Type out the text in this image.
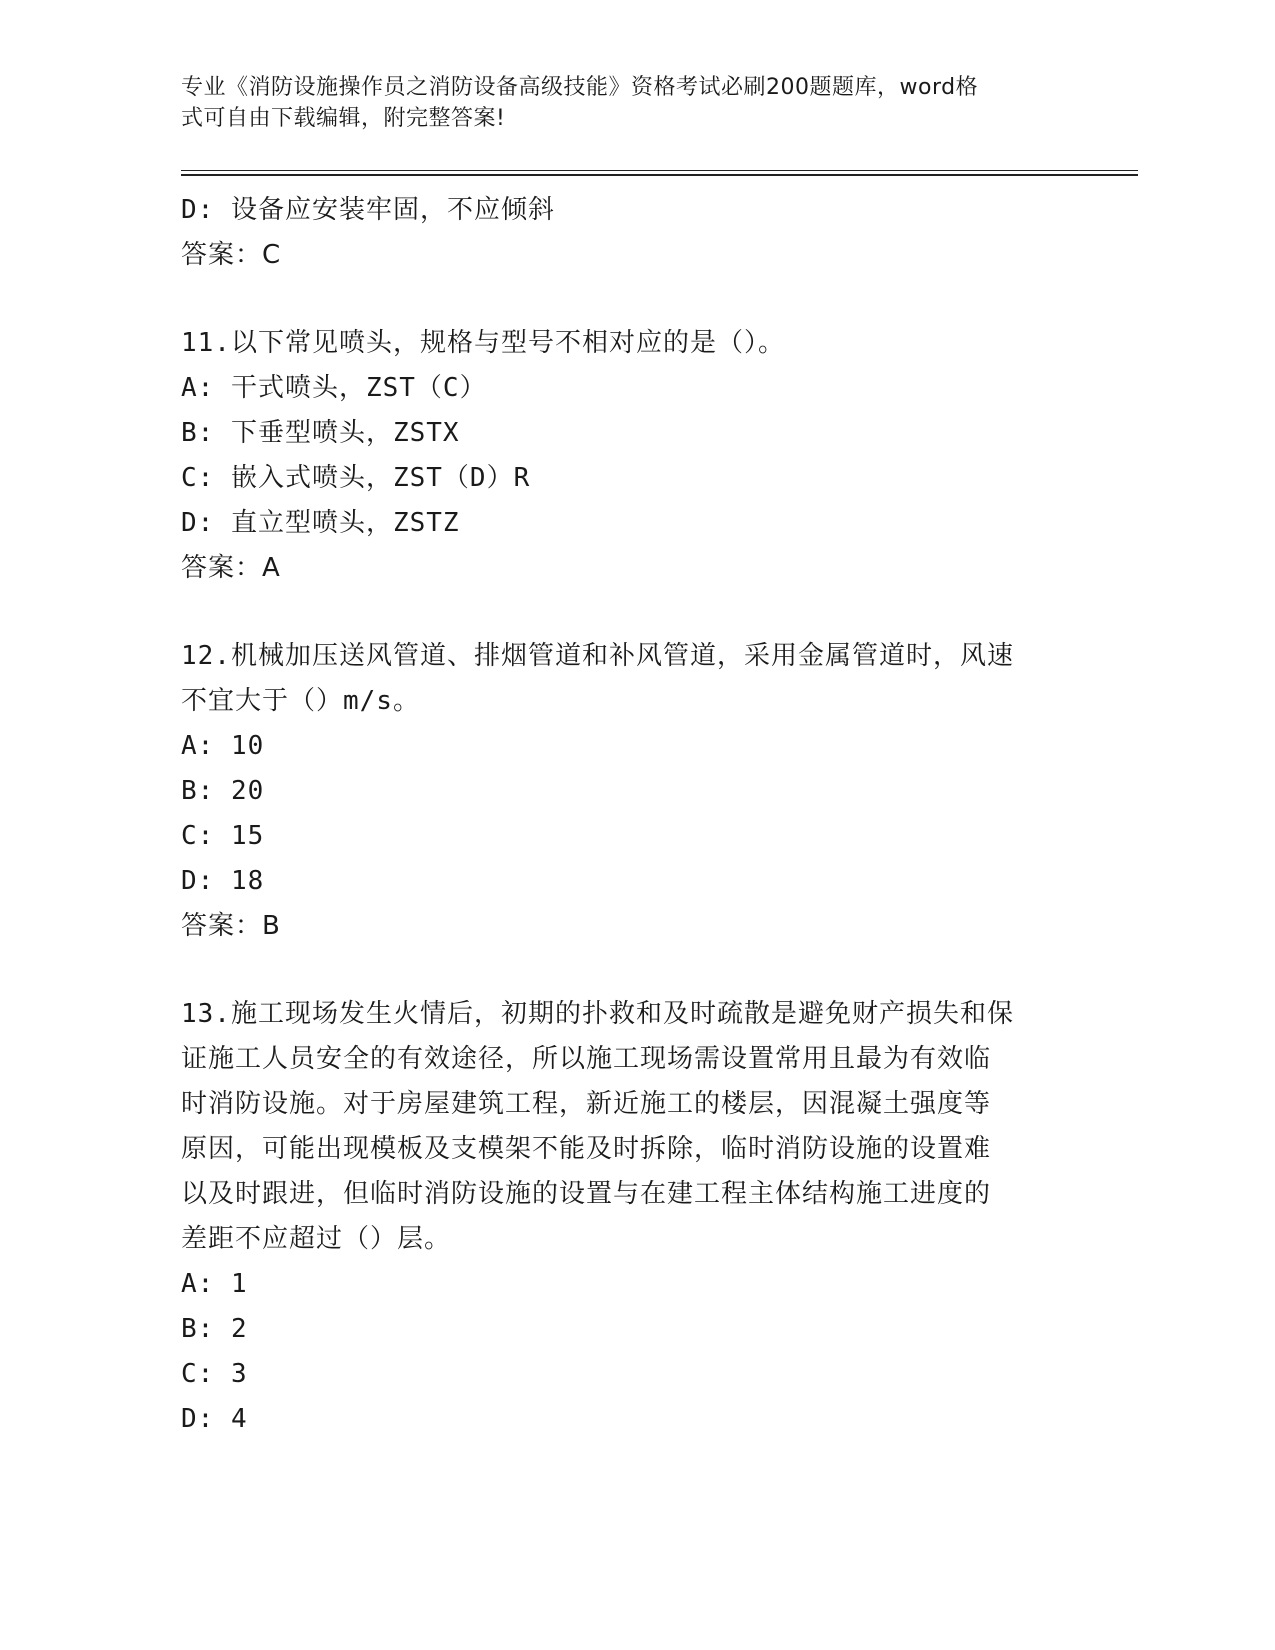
专业《消防设施操作员之消防设备高级技能》资格考试必刷200题题库，word格
式可自由下载编辑，附完整答案!
D: 设备应安装牢固，不应倾斜
答案：C
11.以下常见喷头，规格与型号不相对应的是（）。
A: 干式喷头，ZST（C）
B: 下垂型喷头，ZSTX
C: 嵌入式喷头，ZST（D）R
D: 直立型喷头，ZSTZ
答案：A
12.机械加压送风管道、排烟管道和补风管道，采用金属管道时，风速
不宜大于（）m/s。
A: 10
B: 20
C: 15
D: 18
答案：B
13.施工现场发生火情后，初期的扑救和及时疏散是避免财产损失和保
证施工人员安全的有效途径，所以施工现场需设置常用且最为有效临
时消防设施。对于房屋建筑工程，新近施工的楼层，因混凝土强度等
原因，可能出现模板及支模架不能及时拆除，临时消防设施的设置难
以及时跟进，但临时消防设施的设置与在建工程主体结构施工进度的
差距不应超过（）层。
A: 1
B: 2
C: 3
D: 4
